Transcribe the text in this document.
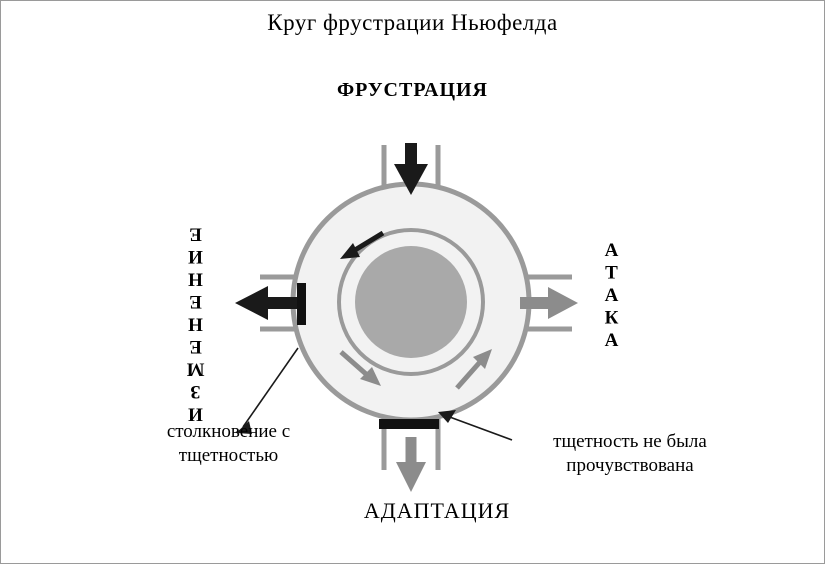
Круг фрустрации Ньюфелда
ФРУСТРАЦИЯ
АДАПТАЦИЯ
ИЗМЕНЕНИЕ	АТАКА
столкновение с тщетностью
тщетность не была прочувствована
